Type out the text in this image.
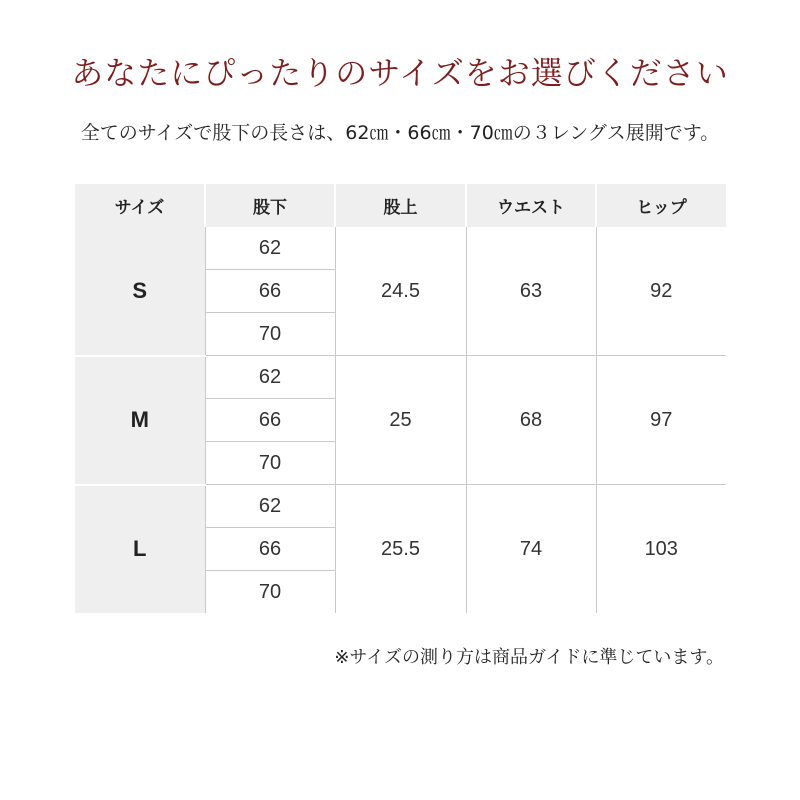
あなたにぴったりのサイズをお選びください
全てのサイズで股下の長さは、62㎝・66㎝・70㎝の３レングス展開です。
サイズ	股下	股上	ウエスト	ヒップ
S	62	24.5	63	92
	66			
	70			
M	62	25	68	97
	66			
	70			
L	62	25.5	74	103
	66			
	70			
※サイズの測り方は商品ガイドに準じています。
